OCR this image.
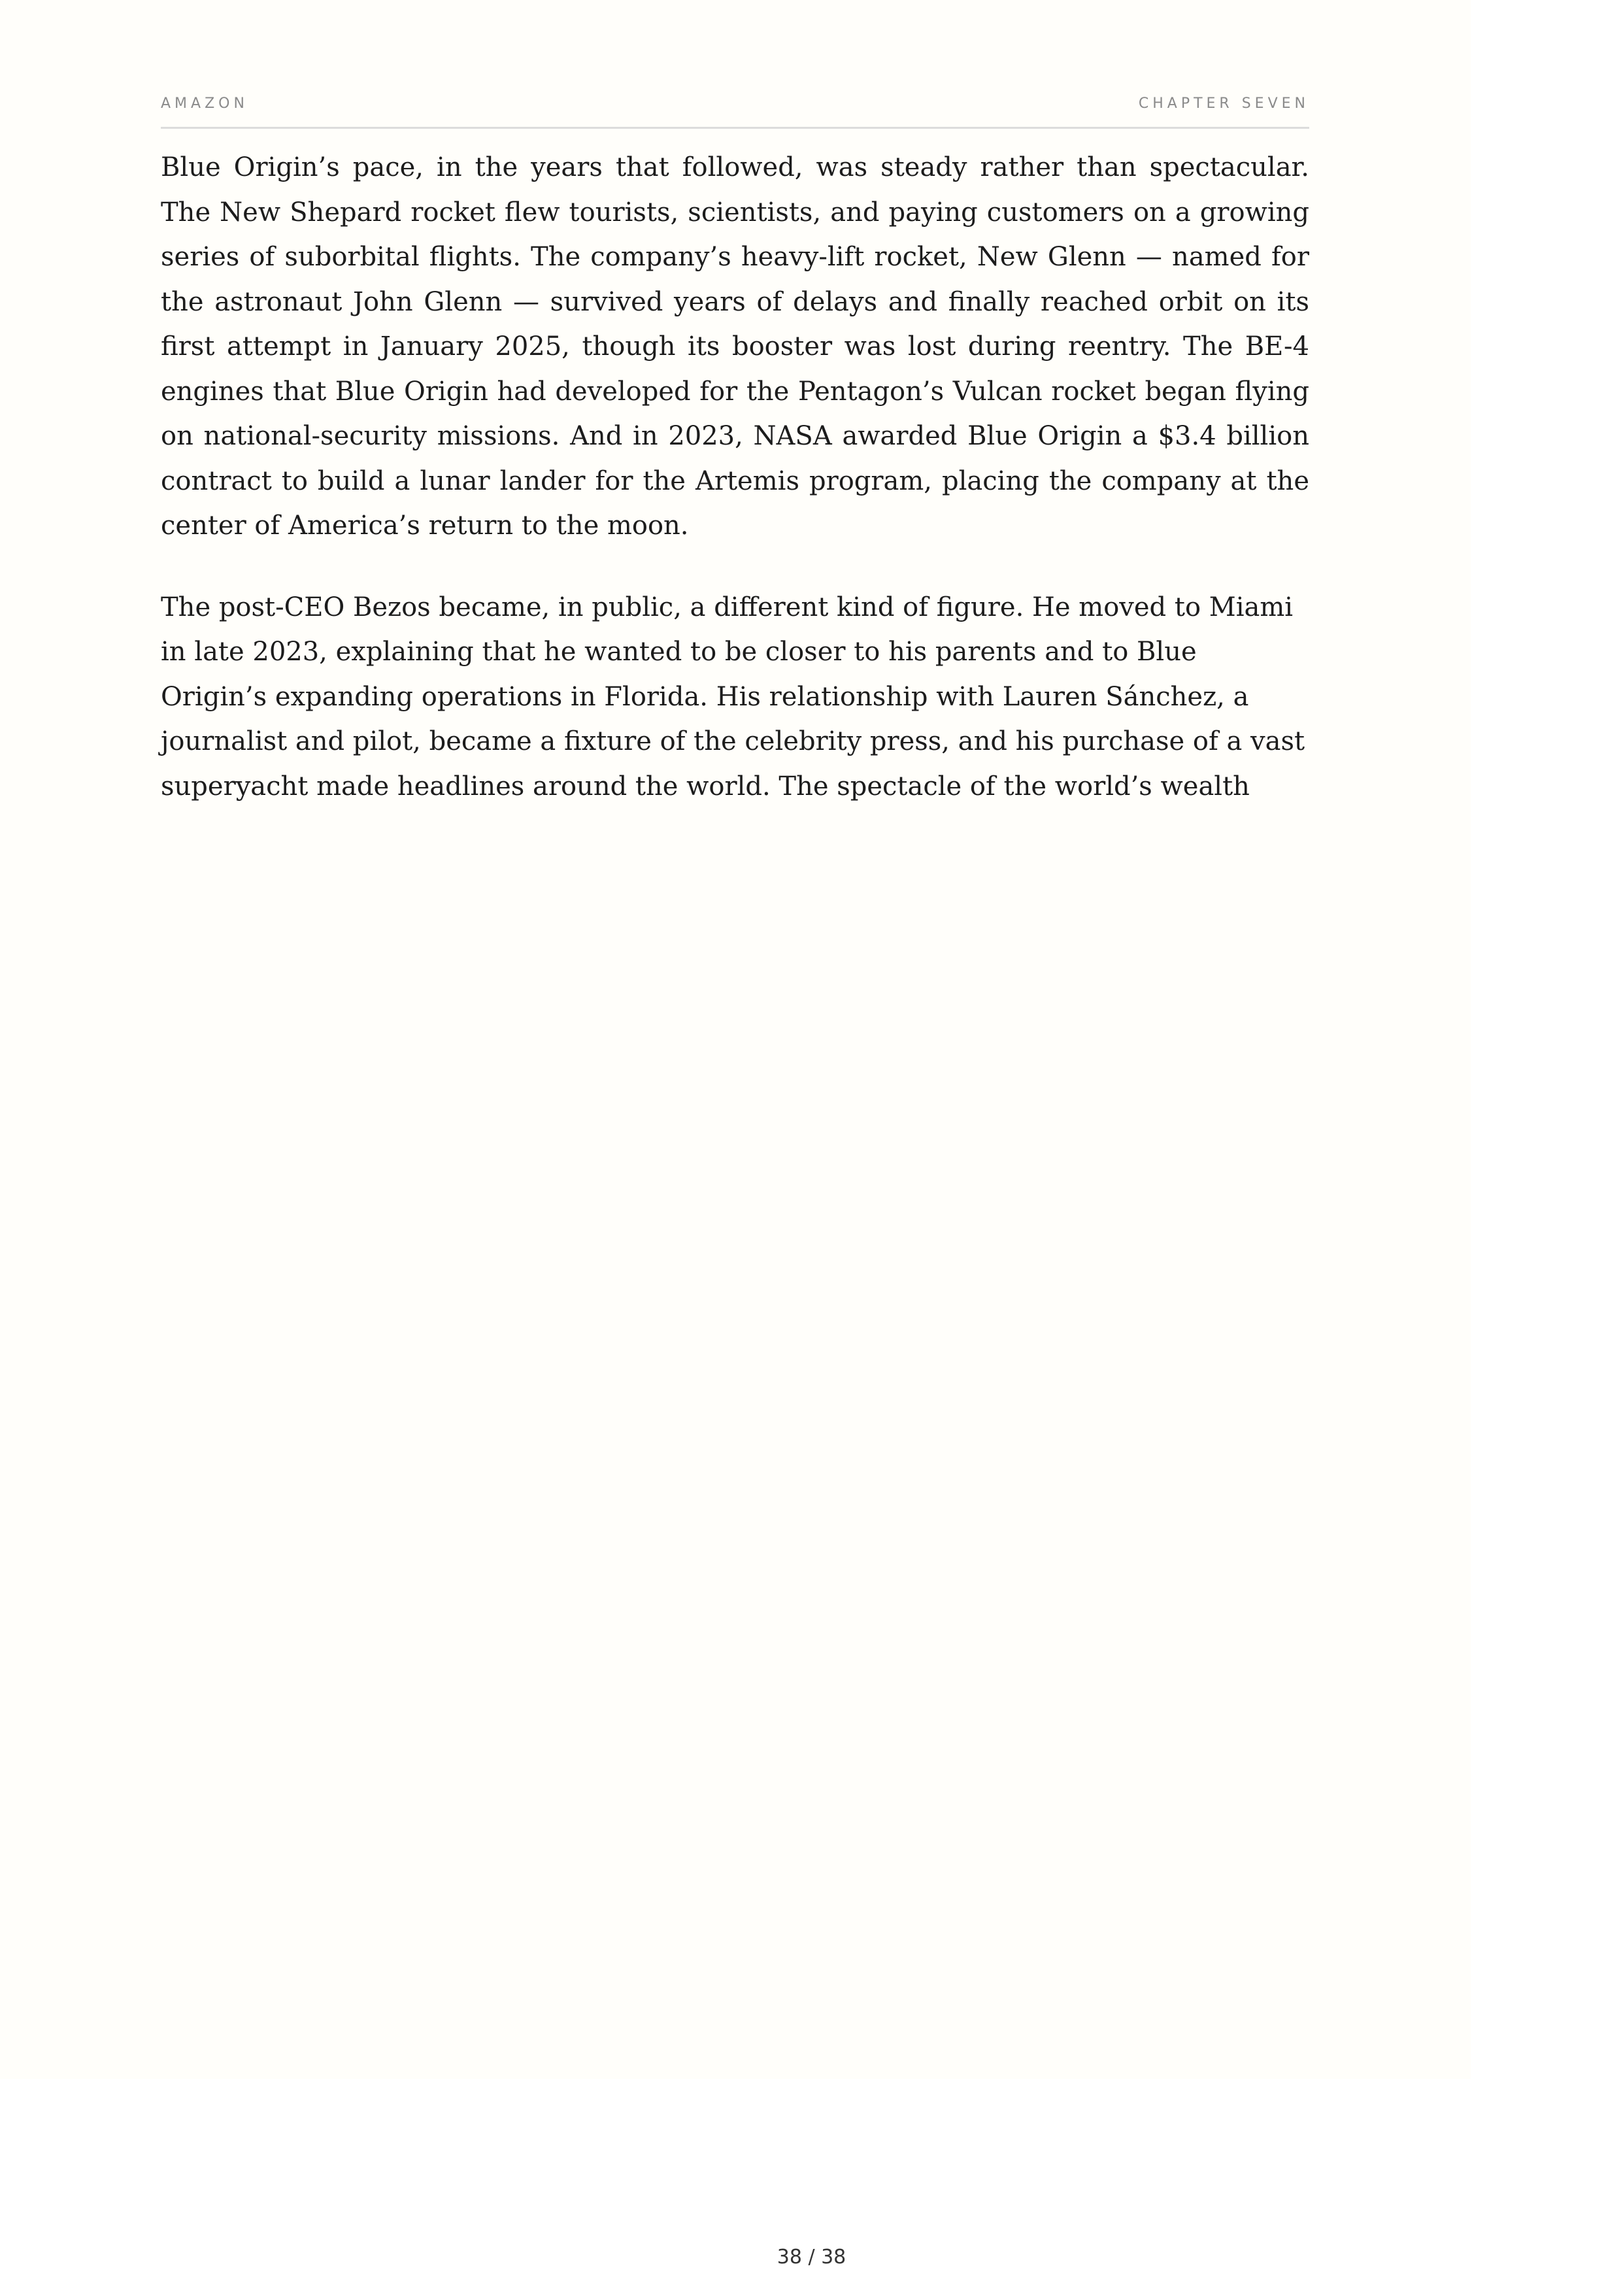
AMAZON	CHAPTER SEVEN

Blue Origin’s pace, in the years that followed, was steady rather than spectacular. The New Shepard rocket flew tourists, scientists, and paying customers on a growing series of suborbital flights. The company’s heavy-lift rocket, New Glenn — named for the astronaut John Glenn — survived years of delays and finally reached orbit on its first attempt in January 2025, though its booster was lost during reentry. The BE-4 engines that Blue Origin had developed for the Pentagon’s Vulcan rocket began flying on national-security missions. And in 2023, NASA awarded Blue Origin a $3.4 billion contract to build a lunar lander for the Artemis program, placing the company at the center of America’s return to the moon.

The post-CEO Bezos became, in public, a different kind of figure. He moved to Miami in late 2023, explaining that he wanted to be closer to his parents and to Blue Origin’s expanding operations in Florida. His relationship with Lauren Sánchez, a journalist and pilot, became a fixture of the celebrity press, and his purchase of a vast superyacht made headlines around the world. The spectacle of the world’s wealth

38 / 38
